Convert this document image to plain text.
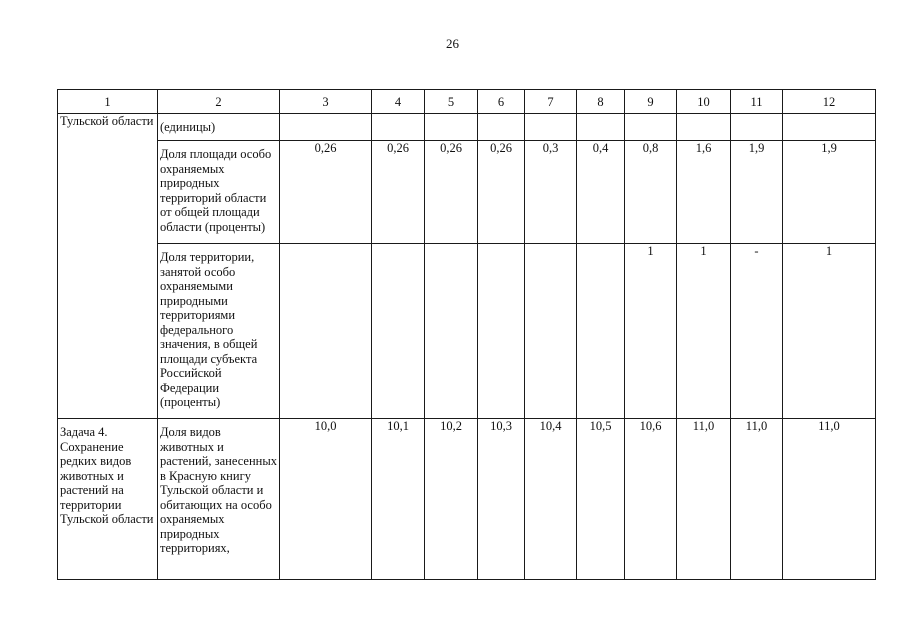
26
1	2	3	4	5	6	7	8	9	10	11	12
Тульской области	(единицы)										
	Доля площади особо охраняемых природных территорий области от общей площади области (проценты)	0,26	0,26	0,26	0,26	0,3	0,4	0,8	1,6	1,9	1,9
	Доля территории, занятой особо охраняемыми природными территориями федерального значения, в общей площади субъекта Российской Федерации (проценты)							1	1	-	1
Задача 4. Сохранение редких видов животных и растений на территории Тульской области	Доля видов животных и растений, занесенных в Красную книгу Тульской области и обитающих на особо охраняемых природных территориях,	10,0	10,1	10,2	10,3	10,4	10,5	10,6	11,0	11,0	11,0
